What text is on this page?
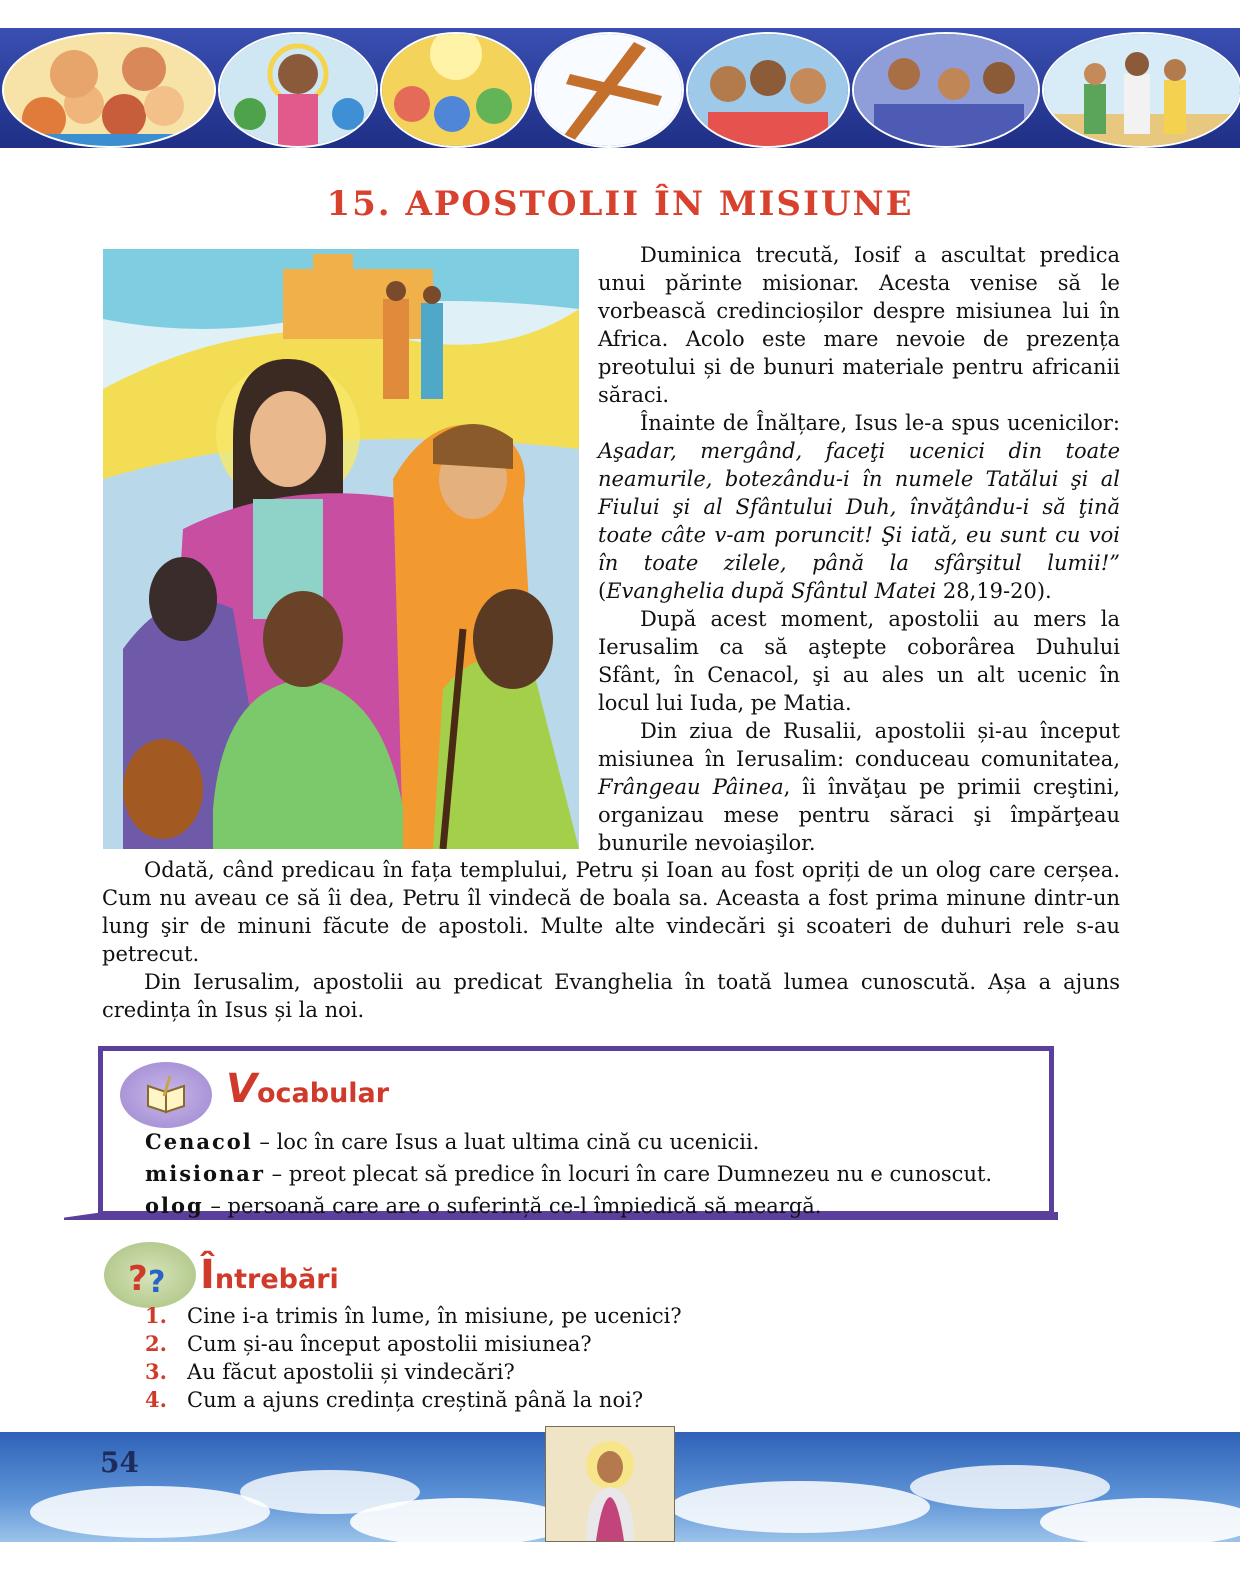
15. APOSTOLII ÎN MISIUNE

Duminica trecută, Iosif a ascultat predica unui părinte misionar. Acesta venise să le vorbească credincioșilor despre misiunea lui în Africa. Acolo este mare nevoie de prezența preotului și de bunuri materiale pentru africanii săraci.

Înainte de Înălțare, Isus le-a spus ucenicilor: Aşadar, mergând, faceţi ucenici din toate neamurile, botezându-i în numele Tatălui şi al Fiului şi al Sfântului Duh, învăţându-i să ţină toate câte v-am poruncit! Şi iată, eu sunt cu voi în toate zilele, până la sfârşitul lumii!” (Evanghelia după Sfântul Matei 28,19-20).

După acest moment, apostolii au mers la Ierusalim ca să aştepte coborârea Duhului Sfânt, în Cenacol, şi au ales un alt ucenic în locul lui Iuda, pe Matia.

Din ziua de Rusalii, apostolii și-au început misiunea în Ierusalim: conduceau comunitatea, Frângeau Pâinea, îi învăţau pe primii creştini, organizau mese pentru săraci şi împărţeau bunurile nevoiaşilor.

Odată, când predicau în fața templului, Petru și Ioan au fost opriți de un olog care cerșea. Cum nu aveau ce să îi dea, Petru îl vindecă de boala sa. Aceasta a fost prima minune dintr-un lung şir de minuni făcute de apostoli. Multe alte vindecări şi scoateri de duhuri rele s-au petrecut.

Din Ierusalim, apostolii au predicat Evanghelia în toată lumea cunoscută. Așa a ajuns credința în Isus și la noi.

Vocabular
Cenacol – loc în care Isus a luat ultima cină cu ucenicii.
misionar – preot plecat să predice în locuri în care Dumnezeu nu e cunoscut.
olog – persoană care are o suferință ce-l împiedică să meargă.
? ? Întrebări
1. Cine i-a trimis în lume, în misiune, pe ucenici?
2. Cum și-au început apostolii misiunea?
3. Au făcut apostolii și vindecări?
4. Cum a ajuns credința creștină până la noi?
54
